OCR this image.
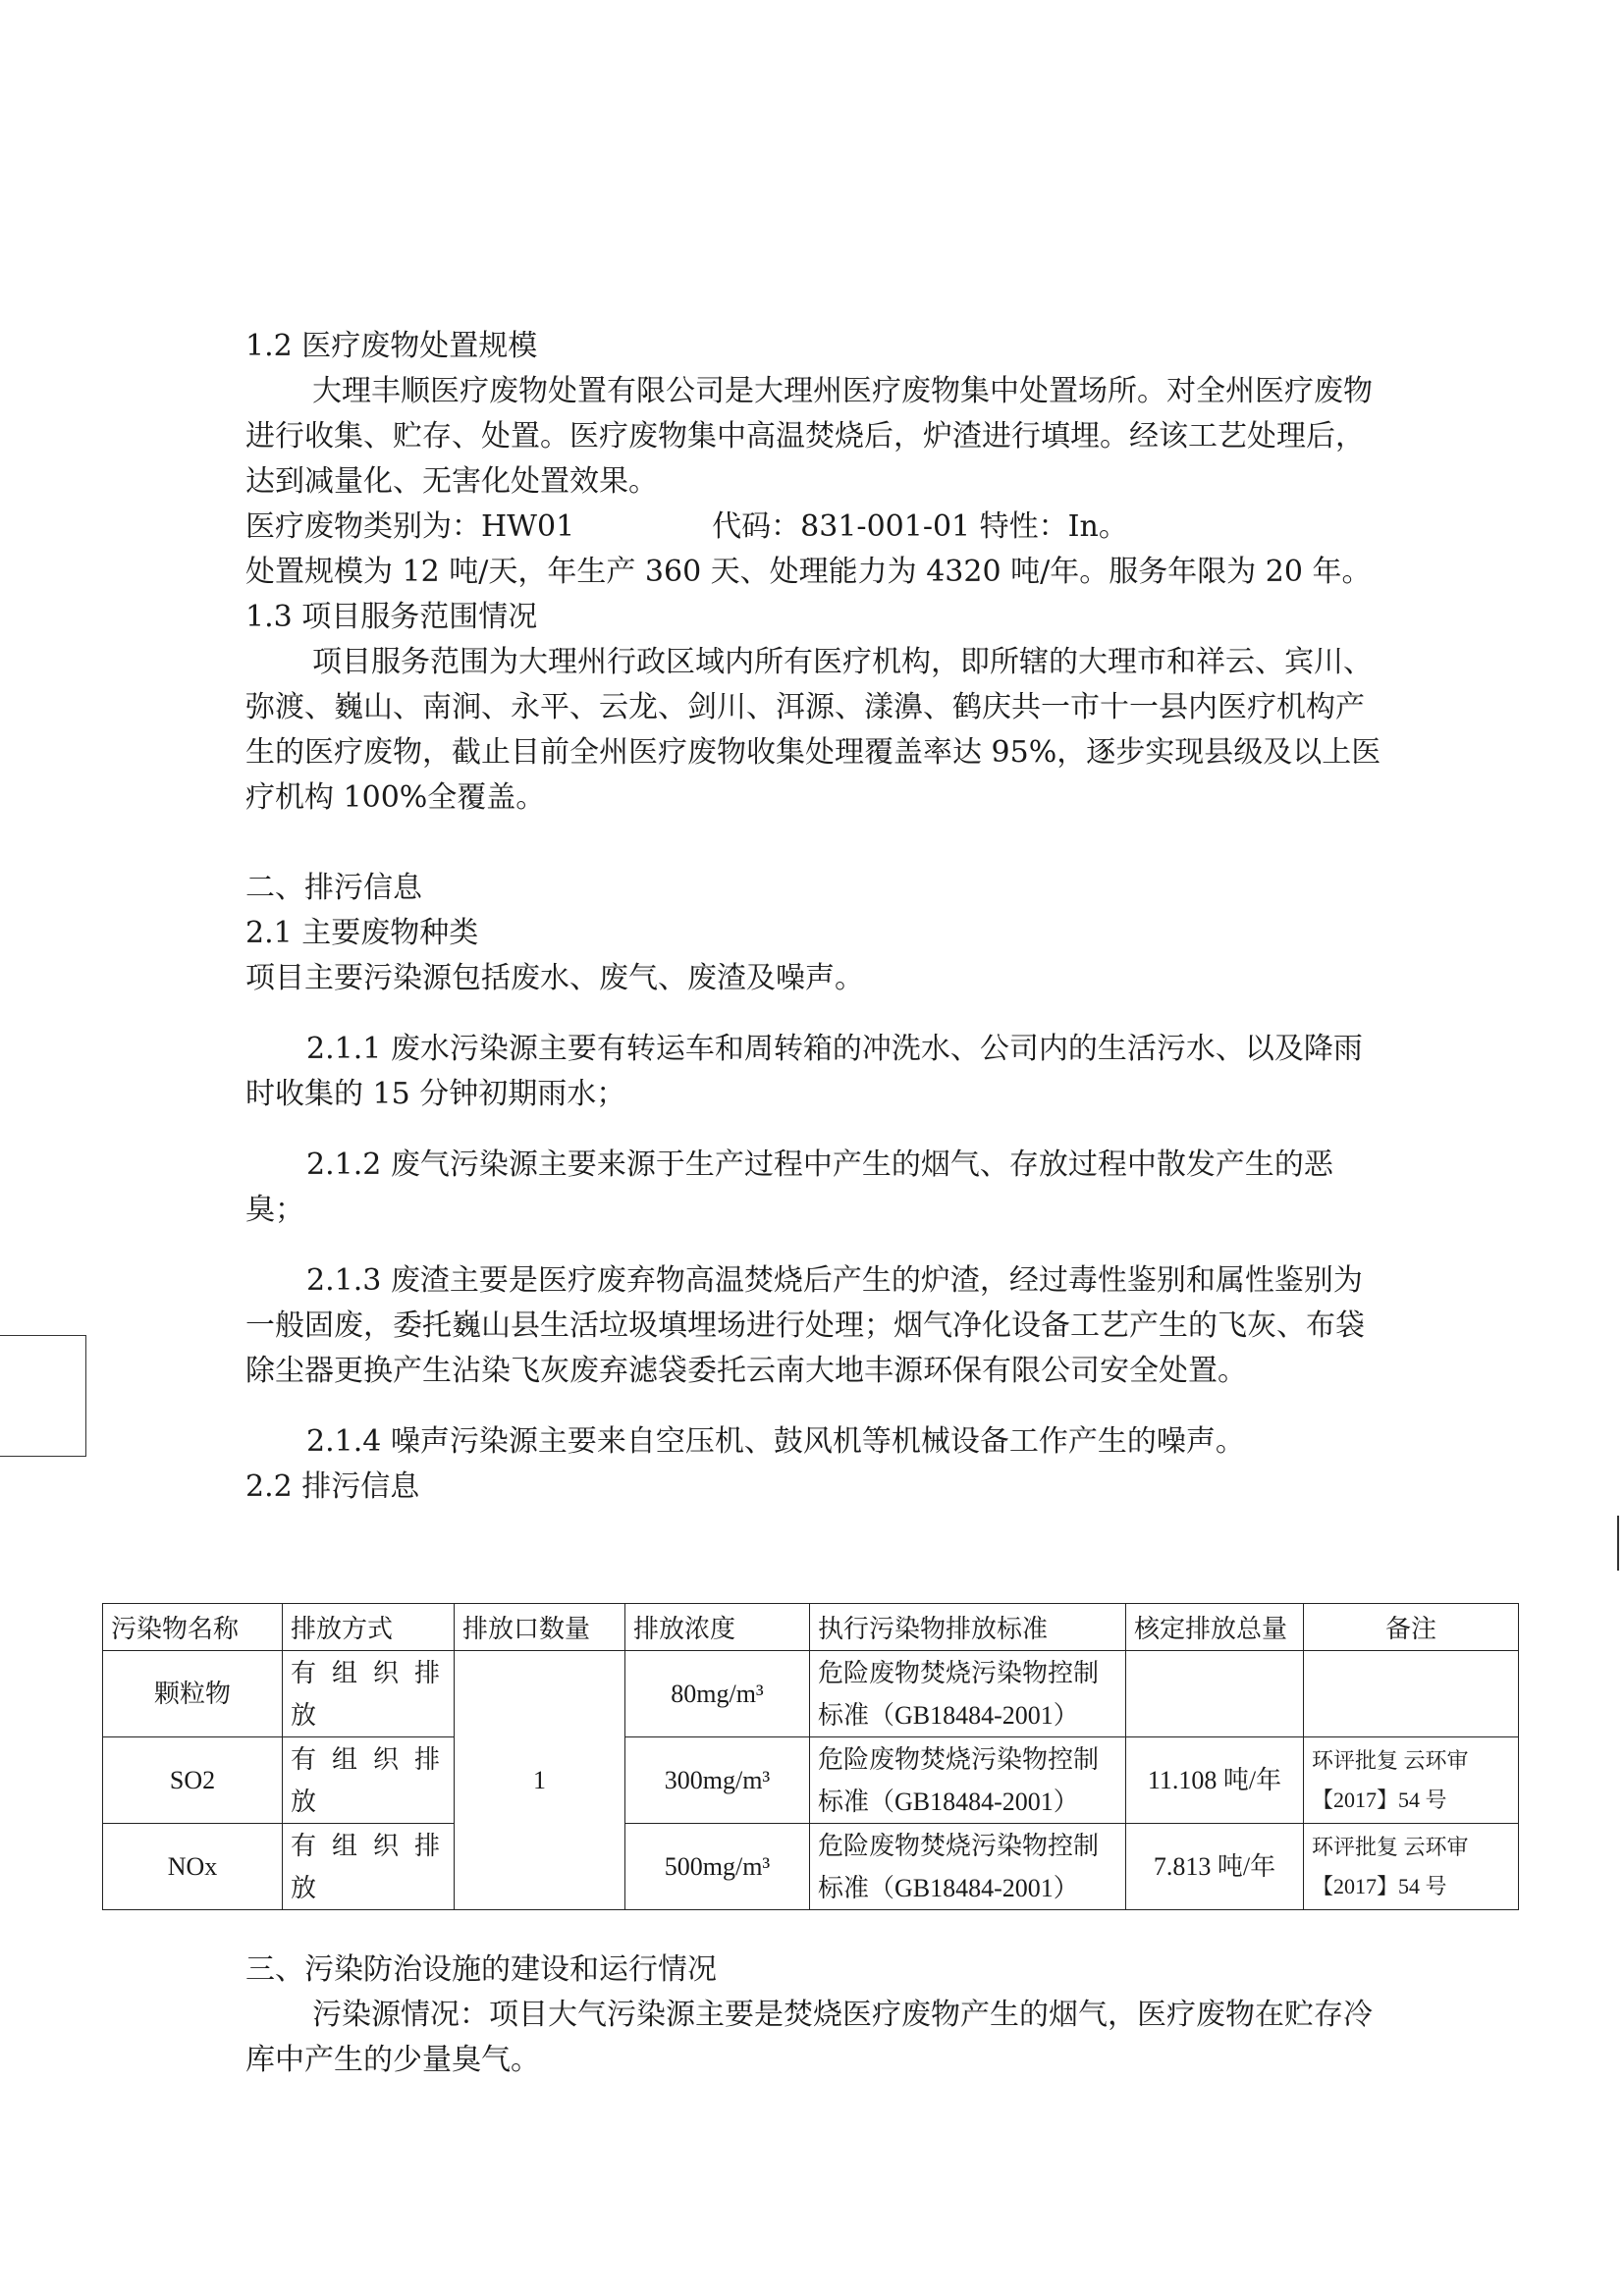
1.2 医疗废物处置规模

大理丰顺医疗废物处置有限公司是大理州医疗废物集中处置场所。对全州医疗废物进行收集、贮存、处置。医疗废物集中高温焚烧后，炉渣进行填埋。经该工艺处理后，达到减量化、无害化处置效果。

医疗废物类别为：HW01	代码：831-001-01 特性：In。

处置规模为 12 吨/天，年生产 360 天、处理能力为 4320 吨/年。服务年限为 20 年。

1.3 项目服务范围情况

项目服务范围为大理州行政区域内所有医疗机构，即所辖的大理市和祥云、宾川、弥渡、巍山、南涧、永平、云龙、剑川、洱源、漾濞、鹤庆共一市十一县内医疗机构产生的医疗废物，截止目前全州医疗废物收集处理覆盖率达 95%，逐步实现县级及以上医疗机构 100%全覆盖。

二、排污信息

2.1 主要废物种类

项目主要污染源包括废水、废气、废渣及噪声。

2.1.1 废水污染源主要有转运车和周转箱的冲洗水、公司内的生活污水、以及降雨时收集的 15 分钟初期雨水；

2.1.2 废气污染源主要来源于生产过程中产生的烟气、存放过程中散发产生的恶臭；

2.1.3 废渣主要是医疗废弃物高温焚烧后产生的炉渣，经过毒性鉴别和属性鉴别为一般固废，委托巍山县生活垃圾填埋场进行处理；烟气净化设备工艺产生的飞灰、布袋除尘器更换产生沾染飞灰废弃滤袋委托云南大地丰源环保有限公司安全处置。

2.1.4 噪声污染源主要来自空压机、鼓风机等机械设备工作产生的噪声。

2.2 排污信息

污染物名称	排放方式	排放口数量	排放浓度	执行污染物排放标准	核定排放总量	备注
颗粒物	有组织排放	1	80mg/m³	危险废物焚烧污染物控制标准（GB18484-2001）		
SO2	有组织排放		300mg/m³	危险废物焚烧污染物控制标准（GB18484-2001）	11.108 吨/年	环评批复 云环审【2017】54 号
NOx	有组织排放		500mg/m³	危险废物焚烧污染物控制标准（GB18484-2001）	7.813 吨/年	环评批复 云环审【2017】54 号

三、污染防治设施的建设和运行情况

污染源情况：项目大气污染源主要是焚烧医疗废物产生的烟气，医疗废物在贮存冷库中产生的少量臭气。
